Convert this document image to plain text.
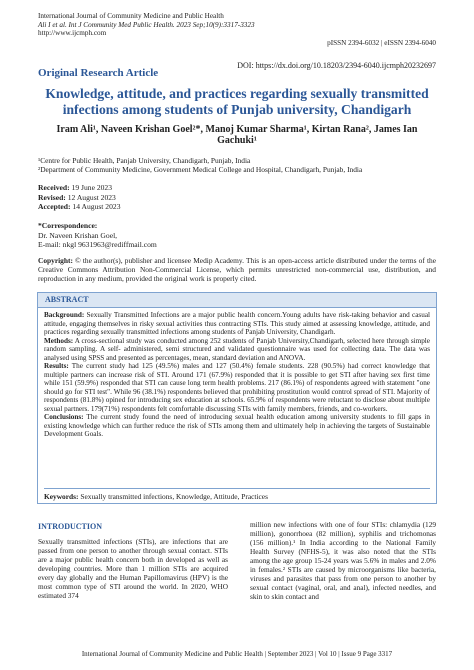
International Journal of Community Medicine and Public Health
Ali I et al. Int J Community Med Public Health. 2023 Sep;10(9):3317-3323
http://www.ijcmph.com
pISSN 2394-6032 | eISSN 2394-6040
Original Research Article
DOI: https://dx.doi.org/10.18203/2394-6040.ijcmph20232697
Knowledge, attitude, and practices regarding sexually transmitted infections among students of Punjab university, Chandigarh
Iram Ali¹, Naveen Krishan Goel²*, Manoj Kumar Sharma¹, Kirtan Rana², James Ian Gachuki¹
¹Centre for Public Health, Panjab University, Chandigarh, Punjab, India
²Department of Community Medicine, Government Medical College and Hospital, Chandigarh, Punjab, India
Received: 19 June 2023
Revised: 12 August 2023
Accepted: 14 August 2023
*Correspondence:
Dr. Naveen Krishan Goel,
E-mail: nkgl 9631963@rediffmail.com
Copyright: © the author(s), publisher and licensee Medip Academy. This is an open-access article distributed under the terms of the Creative Commons Attribution Non-Commercial License, which permits unrestricted non-commercial use, distribution, and reproduction in any medium, provided the original work is properly cited.
ABSTRACT

Background: Sexually Transmitted Infections are a major public health concern.Young adults have risk-taking behavior and casual attitude, engaging themselves in risky sexual activities thus contracting STIs. This study aimed at assessing knowledge, attitude, and practices regarding sexually transmitted infections among students of Panjab University, Chandigarh.

Methods: A cross-sectional study was conducted among 252 students of Panjab University,Chandigarh, selected here through simple random sampling. A self- administered, semi structured and validated questionnaire was used for collecting data. The data was analysed using SPSS and presented as percentages, mean, standard deviation and ANOVA.

Results: The current study had 125 (49.5%) males and 127 (50.4%) female students. 228 (90.5%) had correct knowledge that multiple partners can increase risk of STI. Around 171 (67.9%) responded that it is possible to get STI after having sex first time while 151 (59.9%) responded that STI can cause long term health problems. 217 (86.1%) of respondents agreed with statement "one should go for STI test". While 96 (38.1%) respondents believed that prohibiting prostitution would control spread of STI. Majority of respondents (81.8%) opined for introducing sex education at schools. 65.9% of respondents were reluctant to disclose about multiple sexual partners. 179(71%) respondents felt comfortable discussing STIs with family members, friends, and co-workers.

Conclusions: The current study found the need of introducing sexual health education among university students to fill gaps in existing knowledge which can further reduce the risk of STIs among them and ultimately help in achieving the targets of Sustainable Development Goals.

Keywords: Sexually transmitted infections, Knowledge, Attitude, Practices
INTRODUCTION

Sexually transmitted infections (STIs), are infections that are passed from one person to another through sexual contact. STIs are a major public health concern both in developed as well as developing countries. More than 1 million STIs are acquired every day globally and the Human Papillomavirus (HPV) is the most common type of STI around the world. In 2020, WHO estimated 374

million new infections with one of four STIs: chlamydia (129 million), gonorrhoea (82 million), syphilis and trichomonas (156 million).¹ In India according to the National Family Health Survey (NFHS-5), it was also noted that the STIs among the age group 15-24 years was 5.6% in males and 2.0% in females.² STIs are caused by microorganisms like bacteria, viruses and parasites that pass from one person to another by sexual contact (vaginal, oral, and anal), infected needles, and skin to skin contact and

International Journal of Community Medicine and Public Health | September 2023 | Vol 10 | Issue 9 Page 3317
